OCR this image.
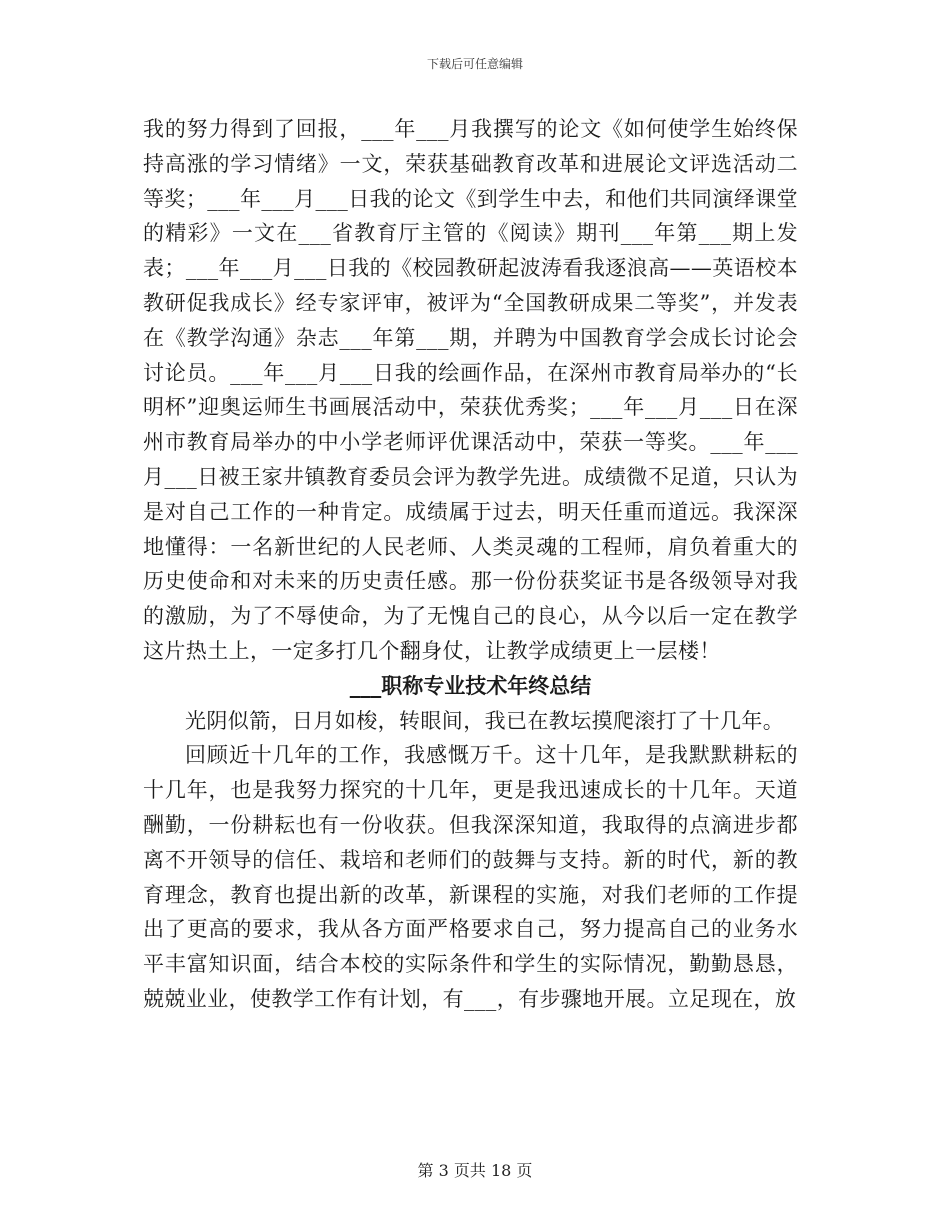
下载后可任意编辑

我的努力得到了回报，___年___月我撰写的论文《如何使学生始终保持高涨的学习情绪》一文，荣获基础教育改革和进展论文评选活动二等奖；___年___月___日我的论文《到学生中去，和他们共同演绎课堂的精彩》一文在___省教育厅主管的《阅读》期刊___年第___期上发表；___年___月___日我的《校园教研起波涛看我逐浪高——英语校本教研促我成长》经专家评审，被评为“全国教研成果二等奖”，并发表在《教学沟通》杂志___年第___期，并聘为中国教育学会成长讨论会讨论员。___年___月___日我的绘画作品，在深州市教育局举办的“长明杯”迎奥运师生书画展活动中，荣获优秀奖；___年___月___日在深州市教育局举办的中小学老师评优课活动中，荣获一等奖。___年___月___日被王家井镇教育委员会评为教学先进。成绩微不足道，只认为是对自己工作的一种肯定。成绩属于过去，明天任重而道远。我深深地懂得：一名新世纪的人民老师、人类灵魂的工程师，肩负着重大的历史使命和对未来的历史责任感。那一份份获奖证书是各级领导对我的激励，为了不辱使命，为了无愧自己的良心，从今以后一定在教学这片热土上，一定多打几个翻身仗，让教学成绩更上一层楼！

___职称专业技术年终总结

光阴似箭，日月如梭，转眼间，我已在教坛摸爬滚打了十几年。

回顾近十几年的工作，我感慨万千。这十几年，是我默默耕耘的十几年，也是我努力探究的十几年，更是我迅速成长的十几年。天道酬勤，一份耕耘也有一份收获。但我深深知道，我取得的点滴进步都离不开领导的信任、栽培和老师们的鼓舞与支持。新的时代，新的教育理念，教育也提出新的改革，新课程的实施，对我们老师的工作提出了更高的要求，我从各方面严格要求自己，努力提高自己的业务水平丰富知识面，结合本校的实际条件和学生的实际情况，勤勤恳恳，兢兢业业，使教学工作有计划，有___，有步骤地开展。立足现在，放

第 3 页共 18 页
